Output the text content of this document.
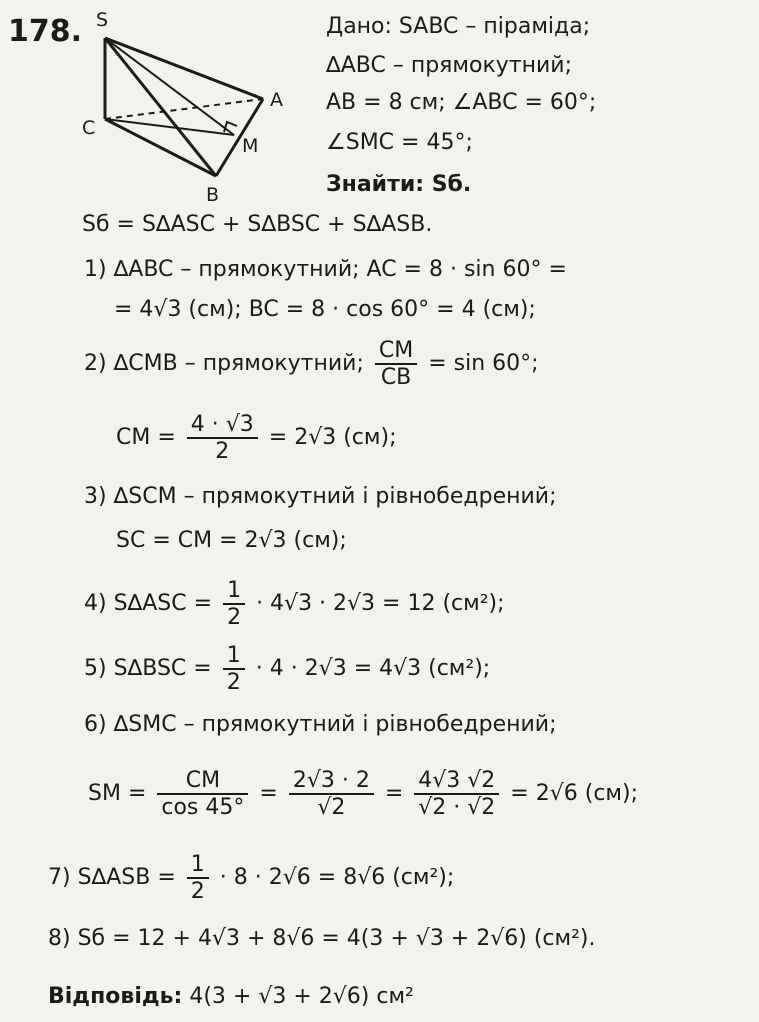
178. S
C
A
M
B
Дано: SABC – піраміда;
∆ABC – прямокутний;
AB = 8 см; ∠ABC = 60°;
∠SMC = 45°;
Знайти: Sб.
Sб = S∆ASC + S∆BSC + S∆ASB.
1) ∆ABC – прямокутний; AC = 8 · sin 60° =
= 4√3 (см); BC = 8 · cos 60° = 4 (см);
2) ∆CMB – прямокутний; $\frac{CM}{CB} = \sin 60^\circ$;
CM = $\frac{4 \cdot √3}{2} = 2√3$ (см);
3) ∆SCM – прямокутний і рівнобедрений;
SC = CM = 2√3 (см);
4) $S\Delta ASC = \frac{1}{2} \cdot 4√3 \cdot 2√3 = 12$ (см²);
5) $S\Delta BSC = \frac{1}{2} \cdot 4 \cdot 2√3 = 4√3$ (см²);
6) ∆SMC – прямокутний і рівнобедрений;
SM = $\frac{CM}{\cos 45^\circ} = \frac{2√3 \cdot 2}{√2} = \frac{4√3 √2}{√2 \cdot √2} = 2√6$ (см);
7) $S\Delta ASB = \frac{1}{2} \cdot 8 \cdot 2√6 = 8√6$ (см²);
8) Sб = 12 + 4√3 + 8√6 = 4(3 + √3 + 2√6) (см²).
Відповідь: 4(3 + √3 + 2√6) см²
